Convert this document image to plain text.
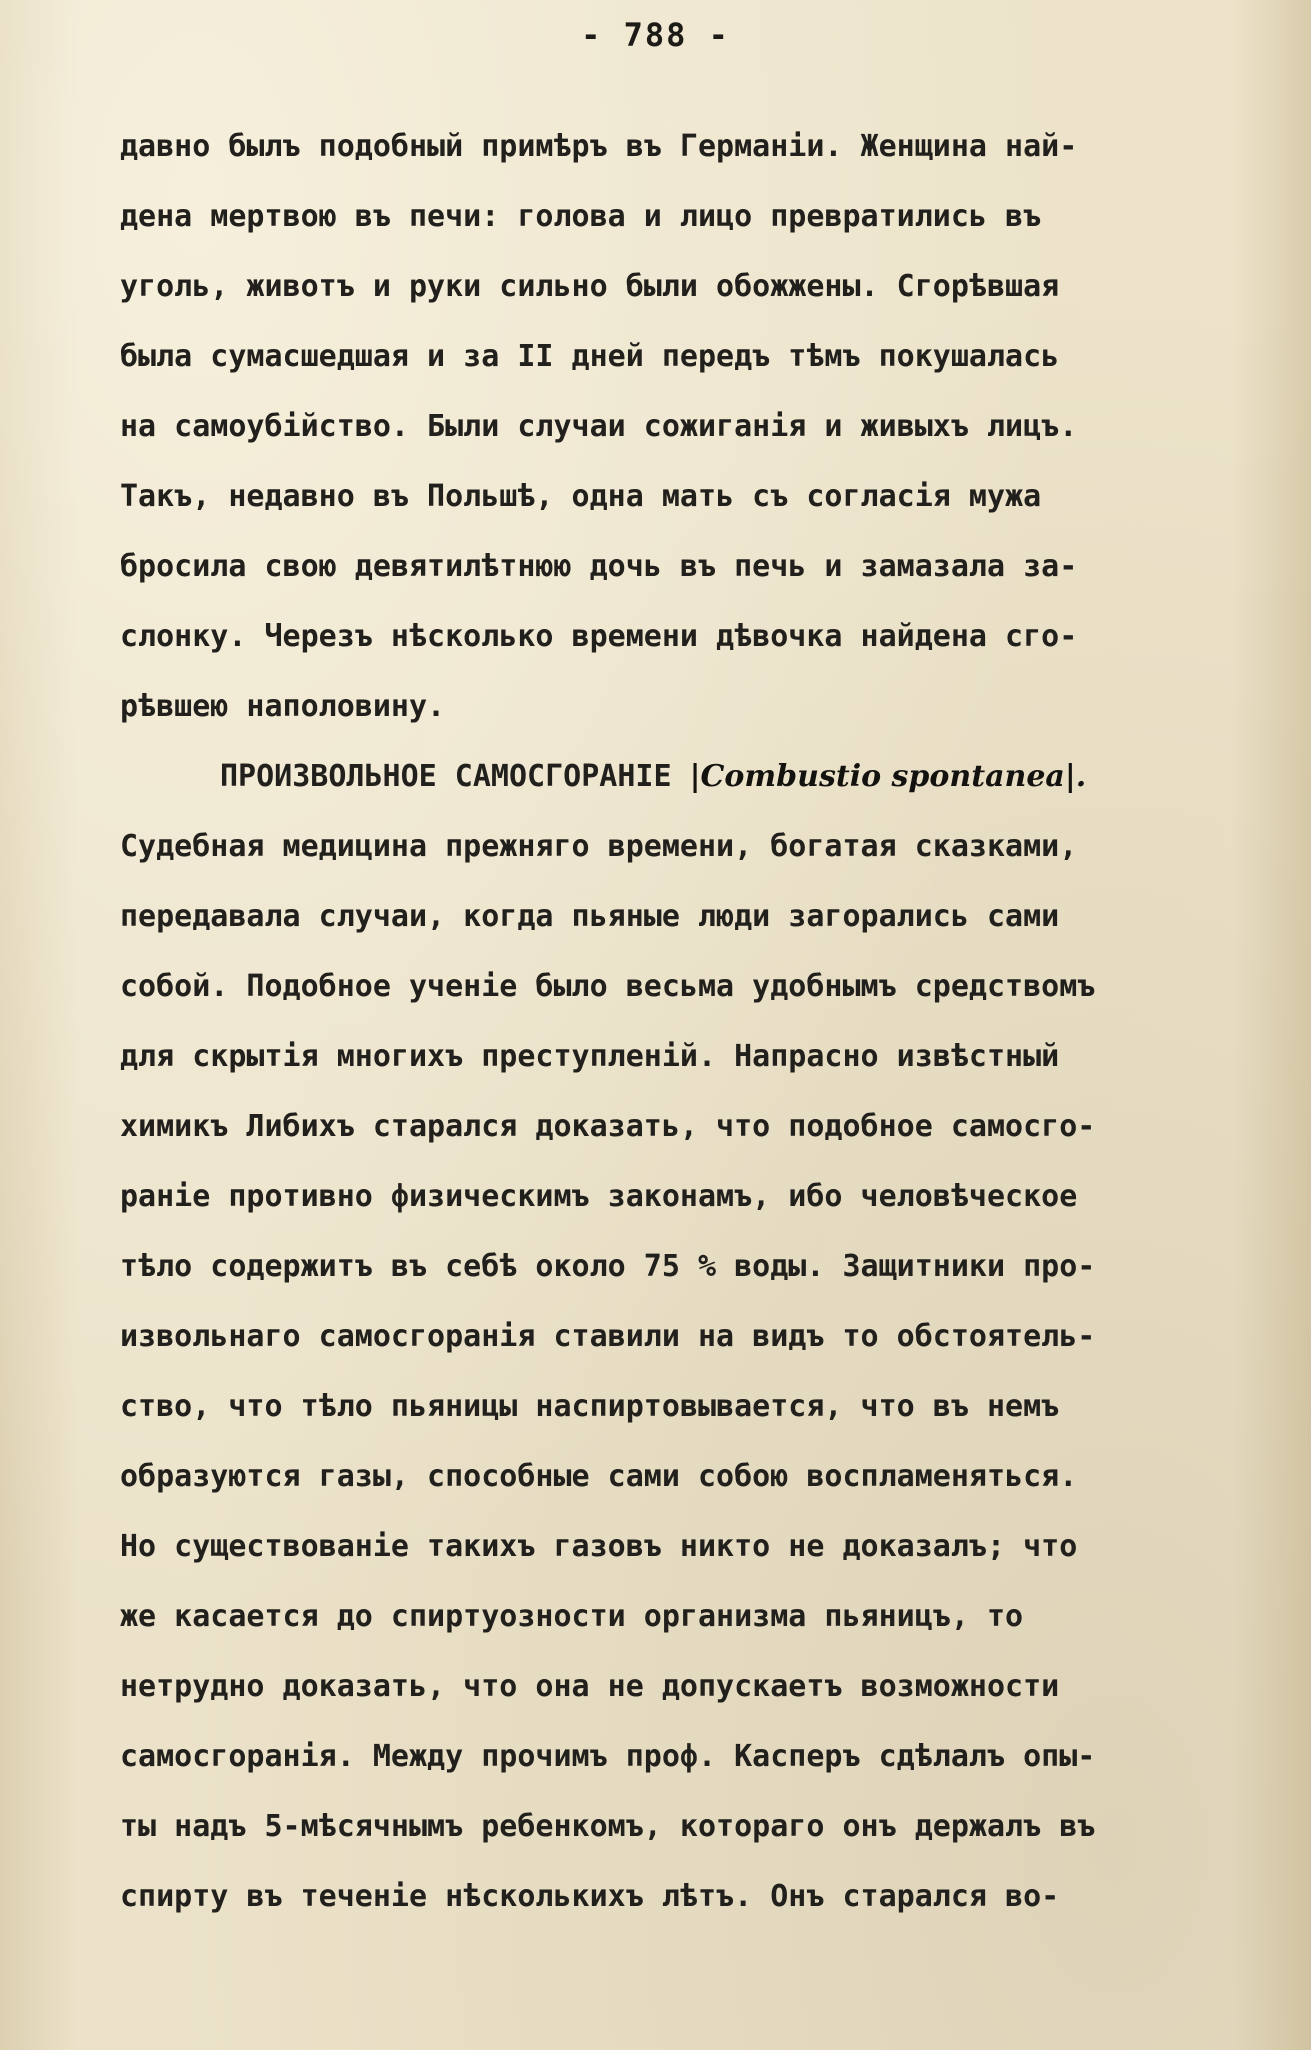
- 788 -
давно былъ подобный примѣръ въ Германіи. Женщина най-
дена мертвою въ печи: голова и лицо превратились въ
уголь, животъ и руки сильно были обожжены. Сгорѣвшая
была сумасшедшая и за II дней передъ тѣмъ покушалась
на самоубійство. Были случаи сожиганія и живыхъ лицъ.
Такъ, недавно въ Польшѣ, одна мать съ согласія мужа
бросила свою девятилѣтнюю дочь въ печь и замазала за-
слонку. Черезъ нѣсколько времени дѣвочка найдена сго-
рѣвшею наполовину.
ПРОИЗВОЛЬНОЕ САМОСГОРАНІЕ |Combustio spontanea|.
Судебная медицина прежняго времени, богатая сказками,
передавала случаи, когда пьяные люди загорались сами
собой. Подобное ученіе было весьма удобнымъ средствомъ
для скрытія многихъ преступленій. Напрасно извѣстный
химикъ Либихъ старался доказать, что подобное самосго-
раніе противно физическимъ законамъ, ибо человѣческое
тѣло содержитъ въ себѣ около 75 % воды. Защитники про-
извольнаго самосгоранія ставили на видъ то обстоятель-
ство, что тѣло пьяницы наспиртовывается, что въ немъ
образуются газы, способные сами собою воспламеняться.
Но существованіе такихъ газовъ никто не доказалъ; что
же касается до спиртуозности организма пьяницъ, то
нетрудно доказать, что она не допускаетъ возможности
самосгоранія. Между прочимъ проф. Касперъ сдѣлалъ опы-
ты надъ 5-мѣсячнымъ ребенкомъ, котораго онъ держалъ въ
спирту въ теченіе нѣсколькихъ лѣтъ. Онъ старался во-
